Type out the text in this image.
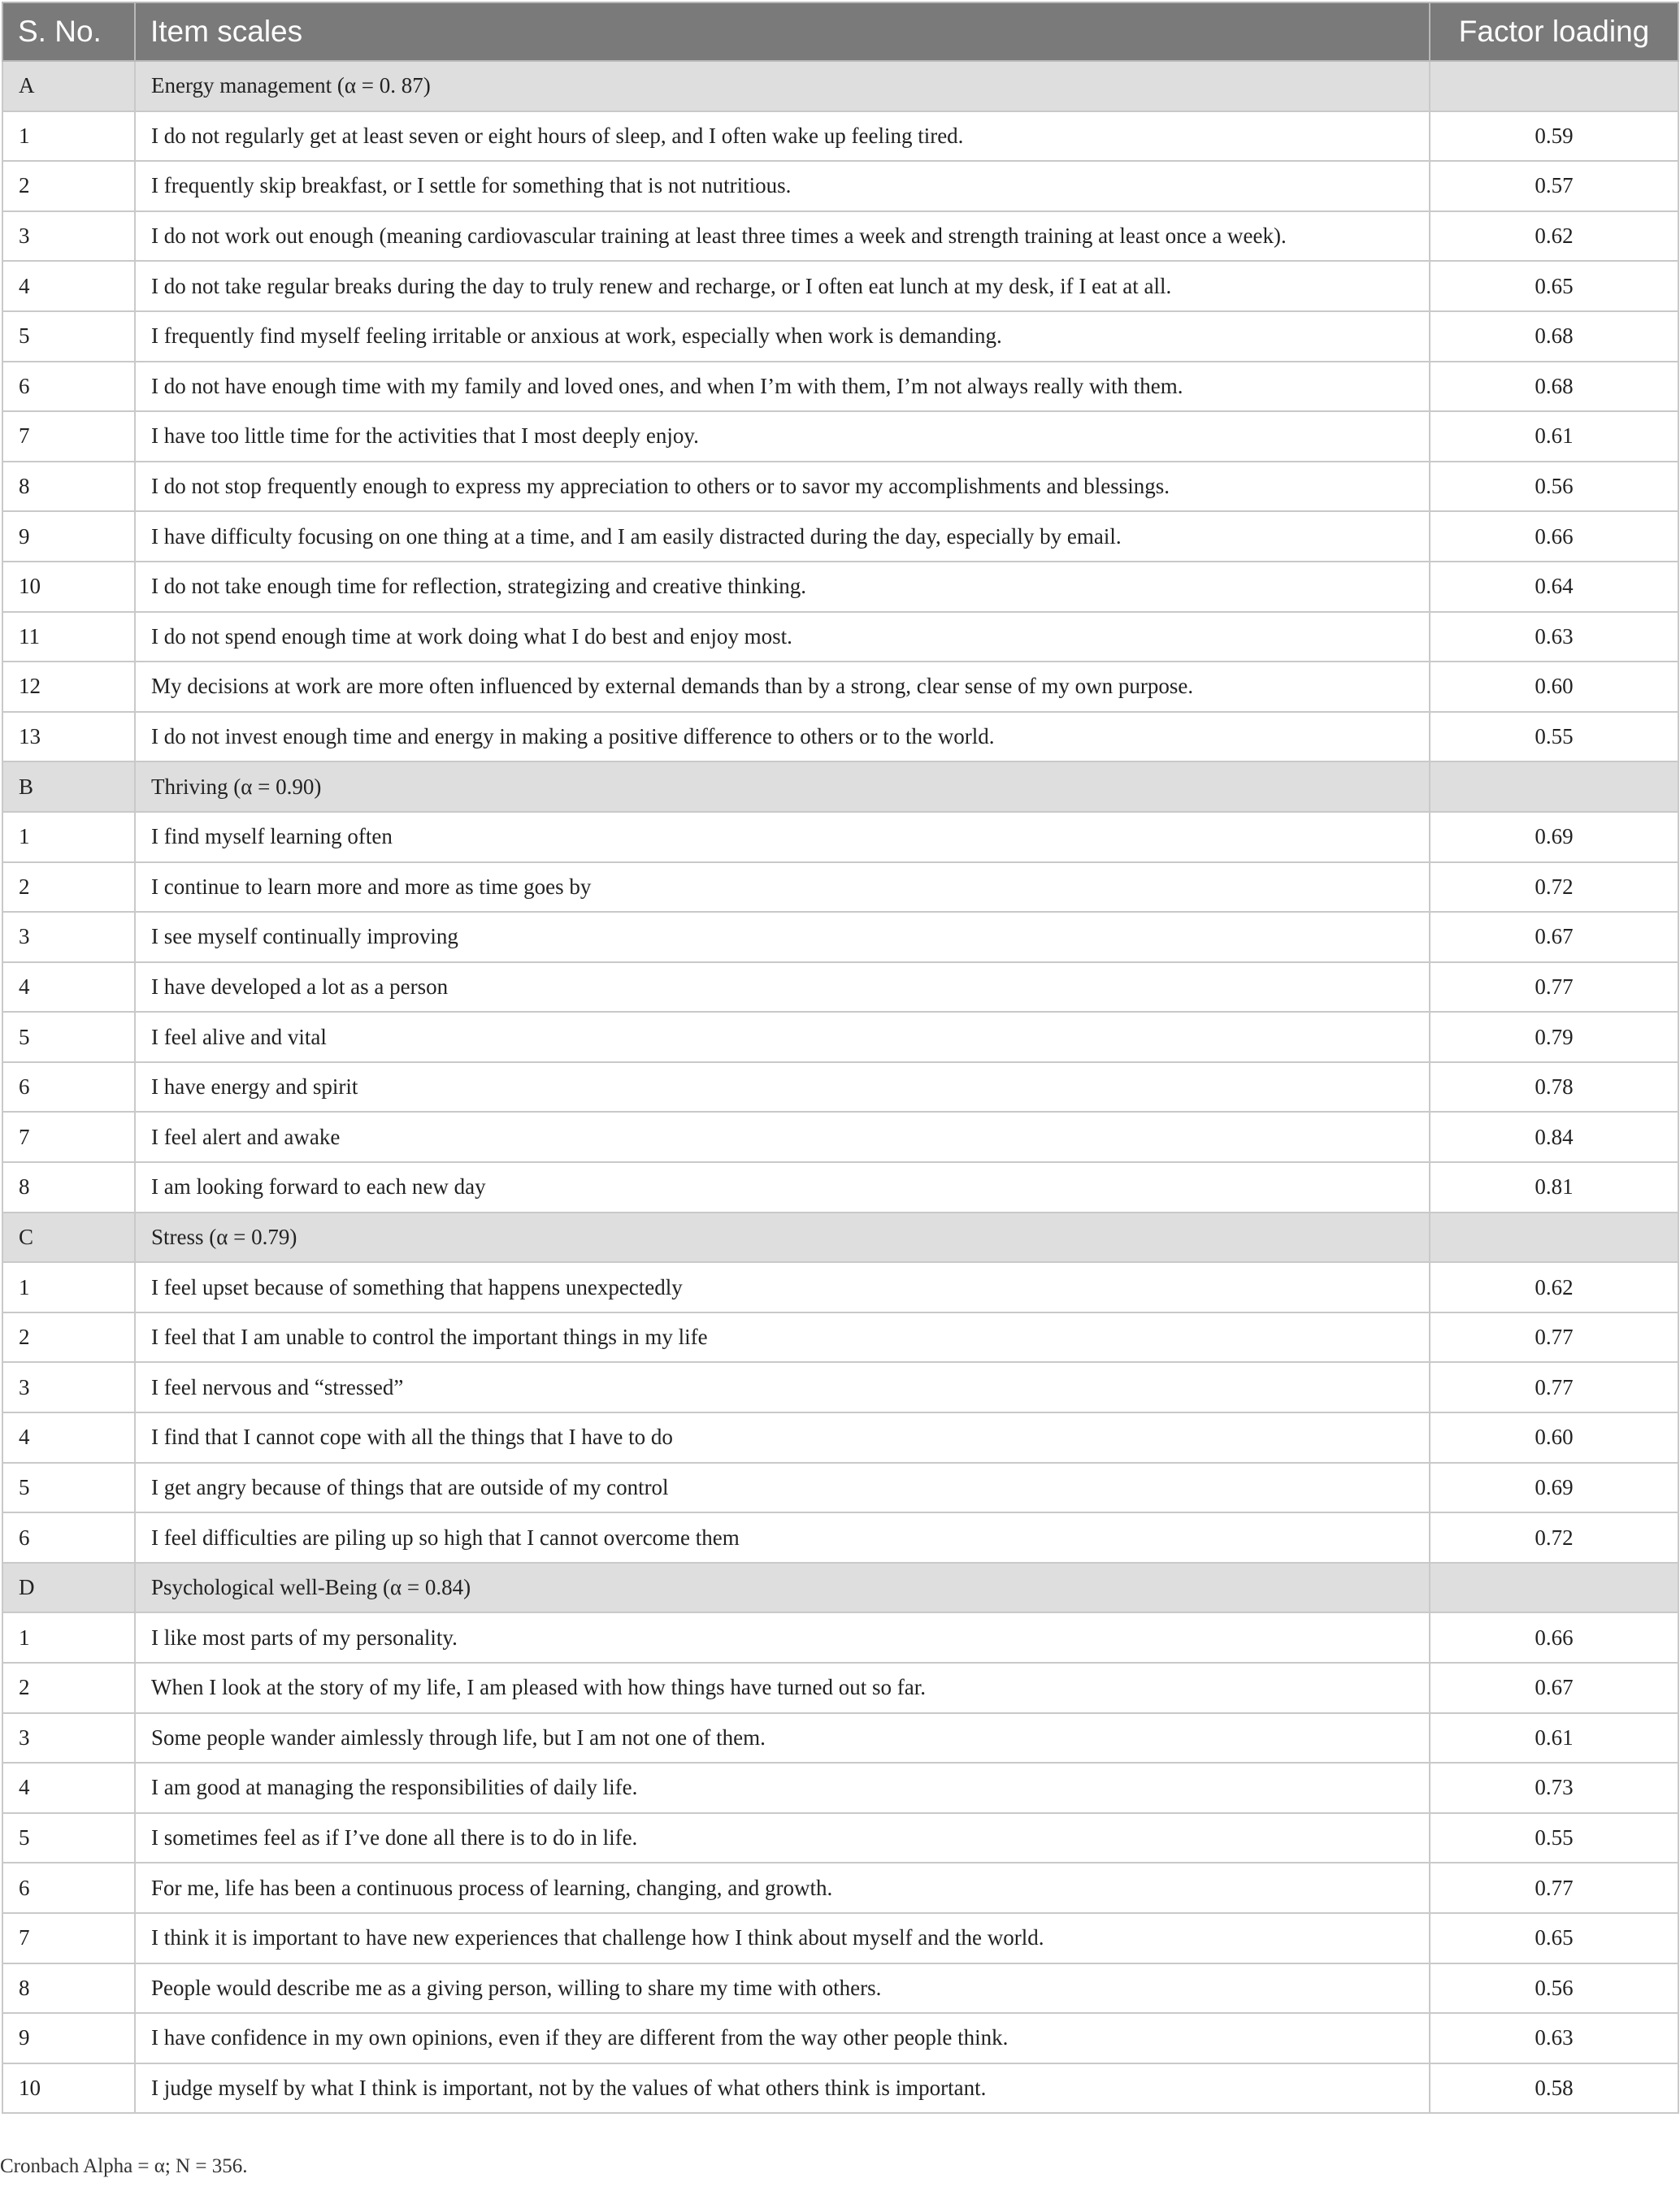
S. No.	Item scales	Factor loading
A	Energy management (α = 0. 87)	
1	I do not regularly get at least seven or eight hours of sleep, and I often wake up feeling tired.	0.59
2	I frequently skip breakfast, or I settle for something that is not nutritious.	0.57
3	I do not work out enough (meaning cardiovascular training at least three times a week and strength training at least once a week).	0.62
4	I do not take regular breaks during the day to truly renew and recharge, or I often eat lunch at my desk, if I eat at all.	0.65
5	I frequently find myself feeling irritable or anxious at work, especially when work is demanding.	0.68
6	I do not have enough time with my family and loved ones, and when I’m with them, I’m not always really with them.	0.68
7	I have too little time for the activities that I most deeply enjoy.	0.61
8	I do not stop frequently enough to express my appreciation to others or to savor my accomplishments and blessings.	0.56
9	I have difficulty focusing on one thing at a time, and I am easily distracted during the day, especially by email.	0.66
10	I do not take enough time for reflection, strategizing and creative thinking.	0.64
11	I do not spend enough time at work doing what I do best and enjoy most.	0.63
12	My decisions at work are more often influenced by external demands than by a strong, clear sense of my own purpose.	0.60
13	I do not invest enough time and energy in making a positive difference to others or to the world.	0.55
B	Thriving (α = 0.90)	
1	I find myself learning often	0.69
2	I continue to learn more and more as time goes by	0.72
3	I see myself continually improving	0.67
4	I have developed a lot as a person	0.77
5	I feel alive and vital	0.79
6	I have energy and spirit	0.78
7	I feel alert and awake	0.84
8	I am looking forward to each new day	0.81
C	Stress (α = 0.79)	
1	I feel upset because of something that happens unexpectedly	0.62
2	I feel that I am unable to control the important things in my life	0.77
3	I feel nervous and “stressed”	0.77
4	I find that I cannot cope with all the things that I have to do	0.60
5	I get angry because of things that are outside of my control	0.69
6	I feel difficulties are piling up so high that I cannot overcome them	0.72
D	Psychological well-Being (α = 0.84)	
1	I like most parts of my personality.	0.66
2	When I look at the story of my life, I am pleased with how things have turned out so far.	0.67
3	Some people wander aimlessly through life, but I am not one of them.	0.61
4	I am good at managing the responsibilities of daily life.	0.73
5	I sometimes feel as if I’ve done all there is to do in life.	0.55
6	For me, life has been a continuous process of learning, changing, and growth.	0.77
7	I think it is important to have new experiences that challenge how I think about myself and the world.	0.65
8	People would describe me as a giving person, willing to share my time with others.	0.56
9	I have confidence in my own opinions, even if they are different from the way other people think.	0.63
10	I judge myself by what I think is important, not by the values of what others think is important.	0.58
Cronbach Alpha = α; N = 356.
